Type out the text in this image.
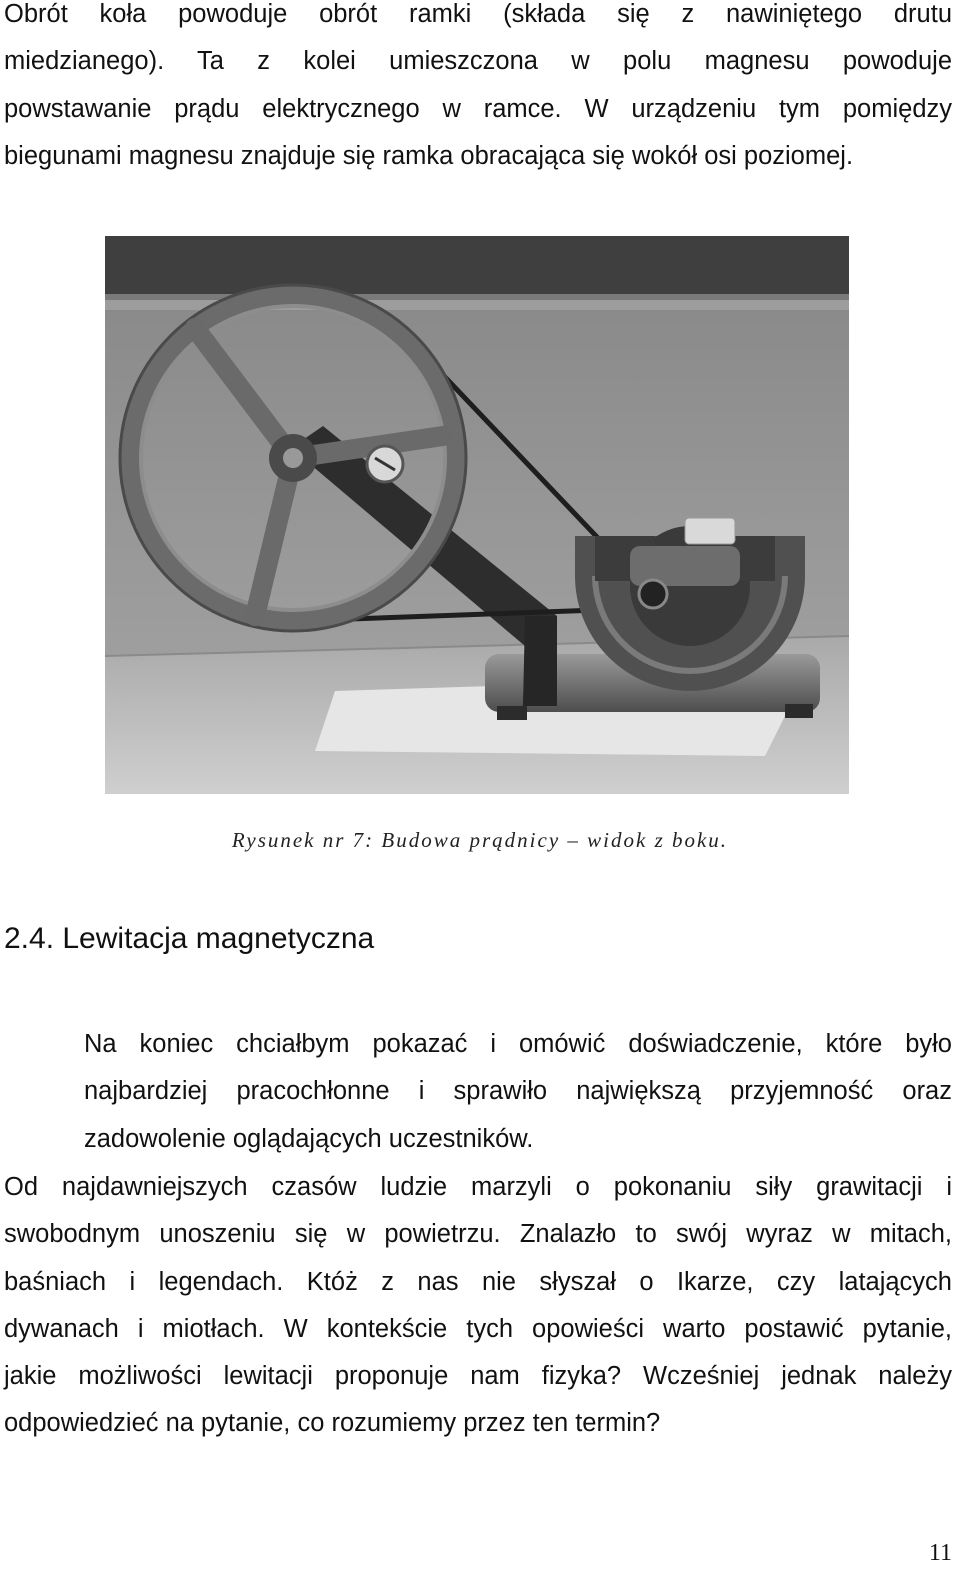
Obrót koła powoduje obrót ramki (składa się z nawiniętego drutu
miedzianego). Ta z kolei umieszczona w polu magnesu powoduje
powstawanie prądu elektrycznego w ramce. W urządzeniu tym pomiędzy
biegunami magnesu znajduje się ramka obracająca się wokół osi poziomej.

Rysunek nr 7: Budowa prądnicy – widok z boku.

2.4. Lewitacja magnetyczna
Na koniec chciałbym pokazać i omówić doświadczenie, które było
najbardziej pracochłonne i sprawiło największą przyjemność oraz
zadowolenie oglądających uczestników.
Od najdawniejszych czasów ludzie marzyli o pokonaniu siły grawitacji i
swobodnym unoszeniu się w powietrzu. Znalazło to swój wyraz w mitach,
baśniach i legendach. Któż z nas nie słyszał o Ikarze, czy latających
dywanach i miotłach. W kontekście tych opowieści warto postawić pytanie,
jakie możliwości lewitacji proponuje nam fizyka? Wcześniej jednak należy
odpowiedzieć na pytanie, co rozumiemy przez ten termin?

11
